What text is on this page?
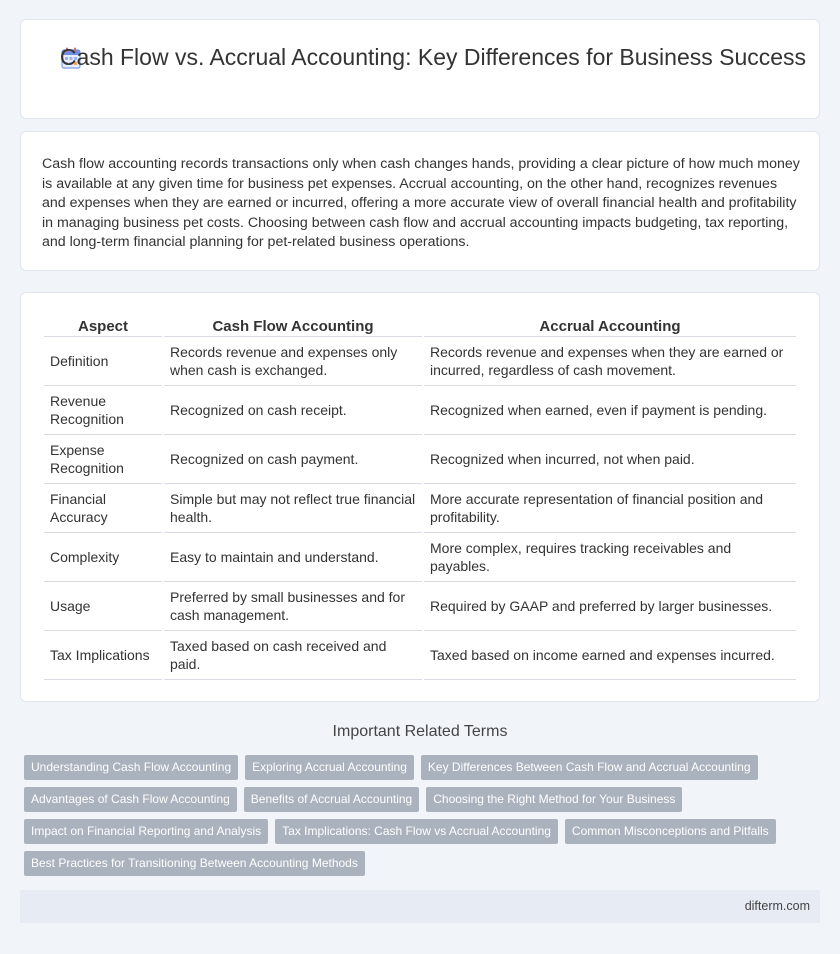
Cash Flow vs. Accrual Accounting: Key Differences for Business Success

Cash flow accounting records transactions only when cash changes hands, providing a clear picture of how much money is available at any given time for business pet expenses. Accrual accounting, on the other hand, recognizes revenues and expenses when they are earned or incurred, offering a more accurate view of overall financial health and profitability in managing business pet costs. Choosing between cash flow and accrual accounting impacts budgeting, tax reporting, and long-term financial planning for pet-related business operations.

Aspect	Cash Flow Accounting	Accrual Accounting
Definition	Records revenue and expenses only when cash is exchanged.	Records revenue and expenses when they are earned or incurred, regardless of cash movement.
Revenue Recognition	Recognized on cash receipt.	Recognized when earned, even if payment is pending.
Expense Recognition	Recognized on cash payment.	Recognized when incurred, not when paid.
Financial Accuracy	Simple but may not reflect true financial health.	More accurate representation of financial position and profitability.
Complexity	Easy to maintain and understand.	More complex, requires tracking receivables and payables.
Usage	Preferred by small businesses and for cash management.	Required by GAAP and preferred by larger businesses.
Tax Implications	Taxed based on cash received and paid.	Taxed based on income earned and expenses incurred.
Important Related Terms
Understanding Cash Flow Accounting	Exploring Accrual Accounting	Key Differences Between Cash Flow and Accrual Accounting
Advantages of Cash Flow Accounting	Benefits of Accrual Accounting	Choosing the Right Method for Your Business
Impact on Financial Reporting and Analysis	Tax Implications: Cash Flow vs Accrual Accounting	Common Misconceptions and Pitfalls
Best Practices for Transitioning Between Accounting Methods
difterm.com
